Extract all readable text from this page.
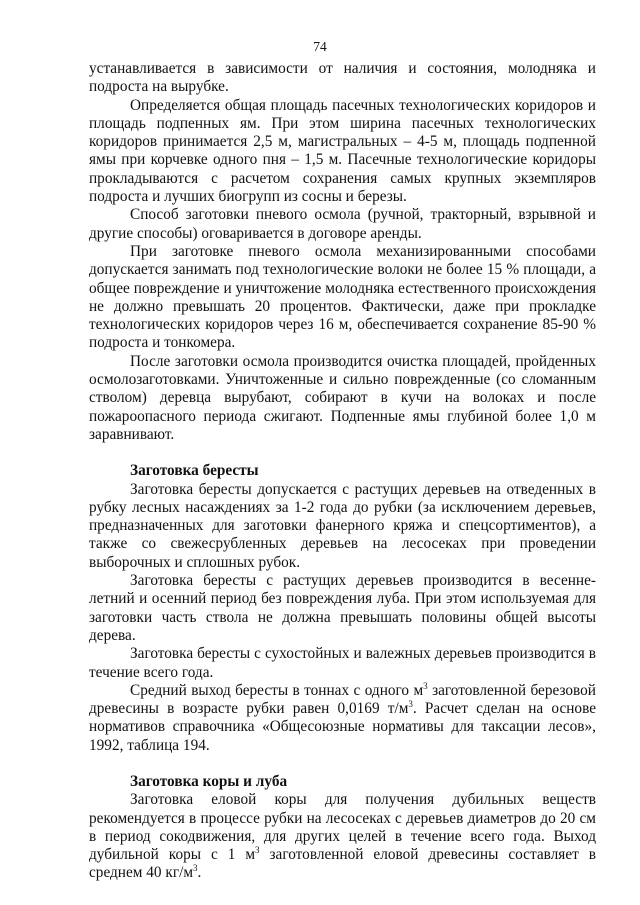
74

устанавливается в зависимости от наличия и состояния, молодняка и подроста на вырубке.

Определяется общая площадь пасечных технологических коридоров и площадь подпенных ям. При этом ширина пасечных технологических коридоров принимается 2,5 м, магистральных – 4-5 м, площадь подпенной ямы при корчевке одного пня – 1,5 м. Пасечные технологические коридоры прокладываются с расчетом сохранения самых крупных экземпляров подроста и лучших биогрупп из сосны и березы.

Способ заготовки пневого осмола (ручной, тракторный, взрывной и другие способы) оговаривается в договоре аренды.

При заготовке пневого осмола механизированными способами допускается занимать под технологические волоки не более 15 % площади, а общее повреждение и уничтожение молодняка естественного происхождения не должно превышать 20 процентов. Фактически, даже при прокладке технологических коридоров через 16 м, обеспечивается сохранение 85-90 % подроста и тонкомера.

После заготовки осмола производится очистка площадей, пройденных осмолозаготовками. Уничтоженные и сильно поврежденные (со сломанным стволом) деревца вырубают, собирают в кучи на волоках и после пожароопасного периода сжигают. Подпенные ямы глубиной более 1,0 м заравнивают.

Заготовка бересты

Заготовка бересты допускается с растущих деревьев на отведенных в рубку лесных насаждениях за 1-2 года до рубки (за исключением деревьев, предназначенных для заготовки фанерного кряжа и спецсортиментов), а также со свежесрубленных деревьев на лесосеках при проведении выборочных и сплошных рубок.

Заготовка бересты с растущих деревьев производится в весенне-летний и осенний период без повреждения луба. При этом используемая для заготовки часть ствола не должна превышать половины общей высоты дерева.

Заготовка бересты с сухостойных и валежных деревьев производится в течение всего года.

Средний выход бересты в тоннах с одного $м^3$ заготовленной березовой древесины в возрасте рубки равен 0,0169 $т/м^3$. Расчет сделан на основе нормативов справочника «Общесоюзные нормативы для таксации лесов», 1992, таблица 194.

Заготовка коры и луба

Заготовка еловой коры для получения дубильных веществ рекомендуется в процессе рубки на лесосеках с деревьев диаметров до 20 см в период сокодвижения, для других целей в течение всего года. Выход дубильной коры с 1 $м^3$ заготовленной еловой древесины составляет в среднем 40 $кг/м^3$.
